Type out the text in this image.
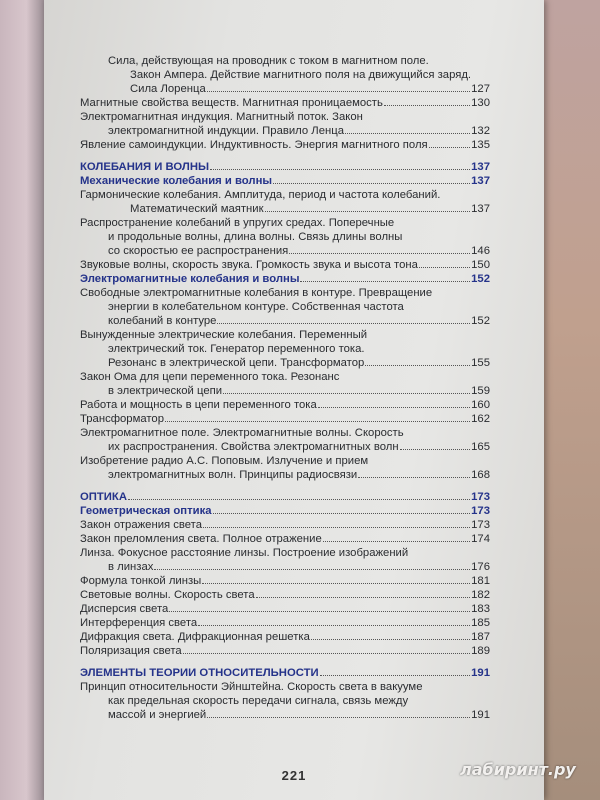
Сила, действующая на проводник с током в магнитном поле.
Закон Ампера. Действие магнитного поля на движущийся заряд.
Сила Лоренца	127
Магнитные свойства веществ. Магнитная проницаемость	130
Электромагнитная индукция. Магнитный поток. Закон
электромагнитной индукции. Правило Ленца	132
Явление самоиндукции. Индуктивность. Энергия магнитного поля	135
КОЛЕБАНИЯ И ВОЛНЫ	137
Механические колебания и волны	137
Гармонические колебания. Амплитуда, период и частота колебаний.
Математический маятник	137
Распространение колебаний в упругих средах. Поперечные
и продольные волны, длина волны. Связь длины волны
со скоростью ее распространения	146
Звуковые волны, скорость звука. Громкость звука и высота тона	150
Электромагнитные колебания и волны	152
Свободные электромагнитные колебания в контуре. Превращение
энергии в колебательном контуре. Собственная частота
колебаний в контуре	152
Вынужденные электрические колебания. Переменный
электрический ток. Генератор переменного тока.
Резонанс в электрической цепи. Трансформатор	155
Закон Ома для цепи переменного тока. Резонанс
в электрической цепи	159
Работа и мощность в цепи переменного тока	160
Трансформатор	162
Электромагнитное поле. Электромагнитные волны. Скорость
их распространения. Свойства электромагнитных волн	165
Изобретение радио А.С. Поповым. Излучение и прием
электромагнитных волн. Принципы радиосвязи	168
ОПТИКА	173
Геометрическая оптика	173
Закон отражения света	173
Закон преломления света. Полное отражение	174
Линза. Фокусное расстояние линзы. Построение изображений
в линзах	176
Формула тонкой линзы	181
Световые волны. Скорость света	182
Дисперсия света	183
Интерференция света	185
Дифракция света. Дифракционная решетка	187
Поляризация света	189
ЭЛЕМЕНТЫ ТЕОРИИ ОТНОСИТЕЛЬНОСТИ	191
Принцип относительности Эйнштейна. Скорость света в вакууме
как предельная скорость передачи сигнала, связь между
массой и энергией	191
221	лабиринт.ру
